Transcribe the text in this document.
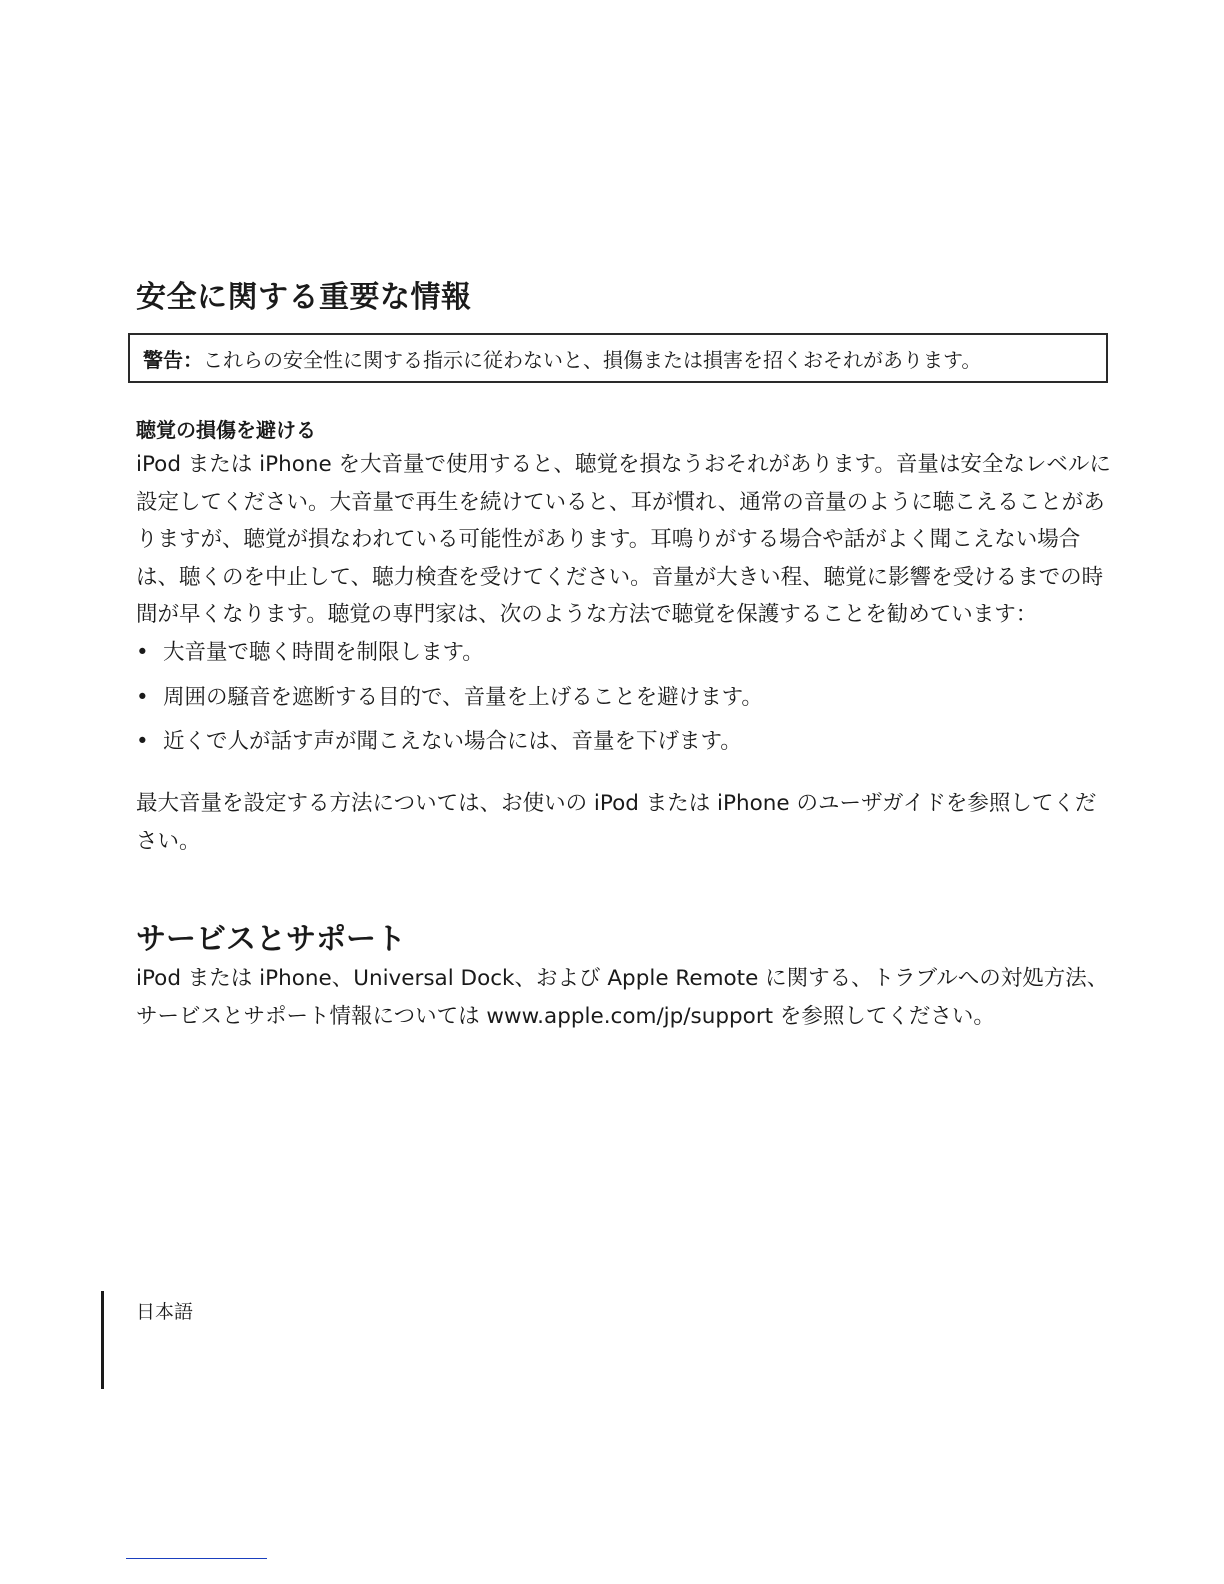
安全に関する重要な情報
警告： これらの安全性に関する指示に従わないと、損傷または損害を招くおそれがあります。
聴覚の損傷を避ける

iPod または iPhone を大音量で使用すると、聴覚を損なうおそれがあります。音量は安全なレベルに設定してください。大音量で再生を続けていると、耳が慣れ、通常の音量のように聴こえることがありますが、聴覚が損なわれている可能性があります。耳鳴りがする場合や話がよく聞こえない場合は、聴くのを中止して、聴力検査を受けてください。音量が大きい程、聴覚に影響を受けるまでの時間が早くなります。聴覚の専門家は、次のような方法で聴覚を保護することを勧めています：

• 大音量で聴く時間を制限します。
• 周囲の騒音を遮断する目的で、音量を上げることを避けます。
• 近くで人が話す声が聞こえない場合には、音量を下げます。

最大音量を設定する方法については、お使いの iPod または iPhone のユーザガイドを参照してください。

サービスとサポート

iPod または iPhone、Universal Dock、および Apple Remote に関する、トラブルへの対処方法、サービスとサポート情報については www.apple.com/jp/support を参照してください。

日本語
